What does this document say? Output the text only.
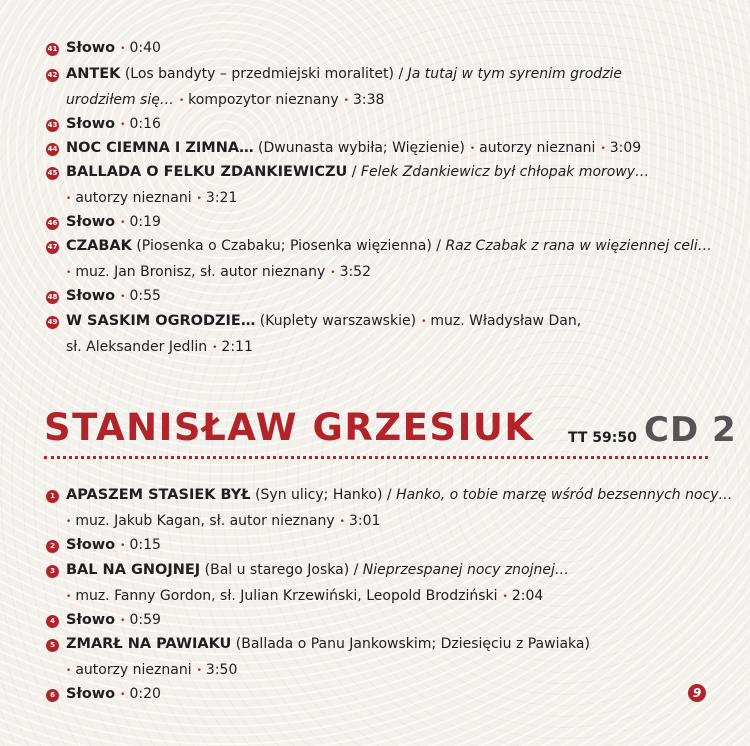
41 Słowo • 0:40
42 ANTEK (Los bandyty – przedmiejski moralitet) / Ja tutaj w tym syrenim grodzie
urodziłem się… • kompozytor nieznany • 3:38
43 Słowo • 0:16
44 NOC CIEMNA I ZIMNA… (Dwunasta wybiła; Więzienie) • autorzy nieznani • 3:09
45 BALLADA O FELKU ZDANKIEWICZU / Felek Zdankiewicz był chłopak morowy…
• autorzy nieznani • 3:21
46 Słowo • 0:19
47 CZABAK (Piosenka o Czabaku; Piosenka więzienna) / Raz Czabak z rana w więziennej celi…
• muz. Jan Bronisz, sł. autor nieznany • 3:52
48 Słowo • 0:55
49 W SASKIM OGRODZIE… (Kuplety warszawskie) • muz. Władysław Dan,
sł. Aleksander Jedlin • 2:11
STANISŁAW GRZESIUK TT 59:50 CD 2
1 APASZEM STASIEK BYŁ (Syn ulicy; Hanko) / Hanko, o tobie marzę wśród bezsennych nocy…
• muz. Jakub Kagan, sł. autor nieznany • 3:01
2 Słowo • 0:15
3 BAL NA GNOJNEJ (Bal u starego Joska) / Nieprzespanej nocy znojnej…
• muz. Fanny Gordon, sł. Julian Krzewiński, Leopold Brodziński • 2:04
4 Słowo • 0:59
5 ZMARŁ NA PAWIAKU (Ballada o Panu Jankowskim; Dziesięciu z Pawiaka)
• autorzy nieznani • 3:50
6 Słowo • 0:20	9
